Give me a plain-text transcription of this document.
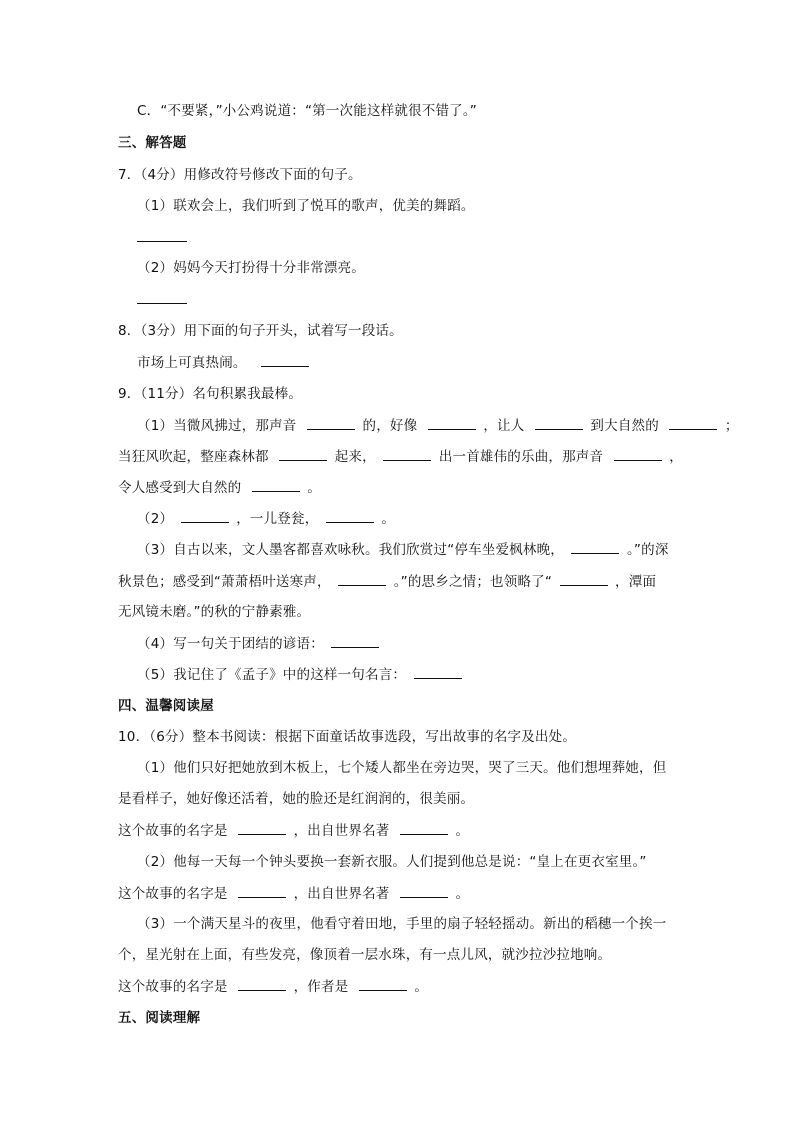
C．“不要紧，”小公鸡说道：“第一次能这样就很不错了。”
三、解答题
7．（4分）用修改符号修改下面的句子。
（1）联欢会上，我们听到了悦耳的歌声，优美的舞蹈。
（2）妈妈今天打扮得十分非常漂亮。
8．（3分）用下面的句子开头，试着写一段话。
市场上可真热闹。
9．（11分）名句积累我最棒。
（1）当微风拂过，那声音	的，好像	，让人	到大自然的	；
当狂风吹起，整座森林都	起来，	出一首雄伟的乐曲，那声音	，
令人感受到大自然的	。
（2）	，一儿登瓮，	。
（3）自古以来，文人墨客都喜欢咏秋。我们欣赏过“停车坐爱枫林晚，	。”的深
秋景色；感受到“萧萧梧叶送寒声，	。”的思乡之情；也领略了“	，潭面
无风镜未磨。”的秋的宁静素雅。
（4）写一句关于团结的谚语：
（5）我记住了《孟子》中的这样一句名言：
四、温馨阅读屋
10．（6分）整本书阅读：根据下面童话故事选段，写出故事的名字及出处。
（1）他们只好把她放到木板上，七个矮人都坐在旁边哭，哭了三天。他们想埋葬她，但
是看样子，她好像还活着，她的脸还是红润润的，很美丽。
这个故事的名字是	，出自世界名著	。
（2）他每一天每一个钟头要换一套新衣服。人们提到他总是说：“皇上在更衣室里。”
这个故事的名字是	，出自世界名著	。
（3）一个满天星斗的夜里，他看守着田地，手里的扇子轻轻摇动。新出的稻穗一个挨一
个，星光射在上面，有些发亮，像顶着一层水珠，有一点儿风，就沙拉沙拉地响。
这个故事的名字是	，作者是	。
五、阅读理解
